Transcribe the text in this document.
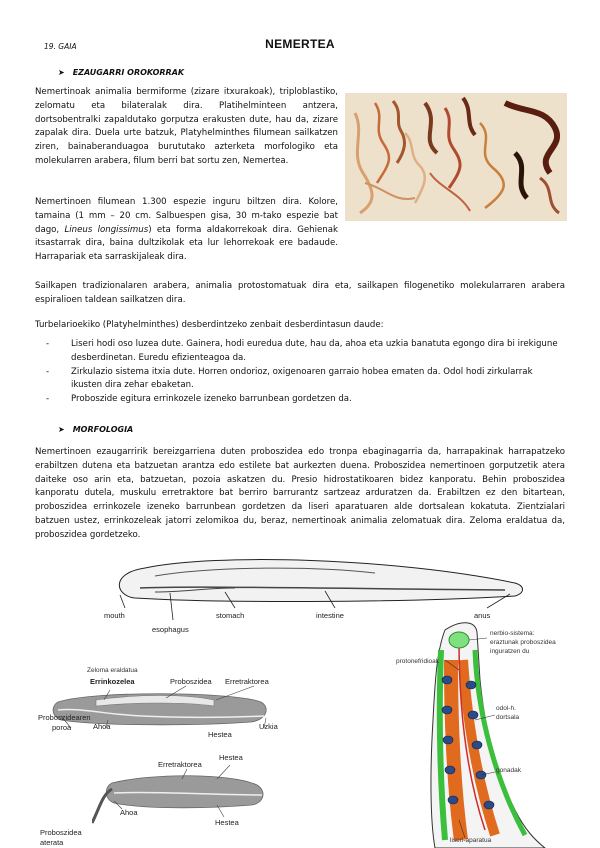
19. GAIA	NEMERTEA
➤ EZAUGARRI OROKORRAK
Nemertinoak animalia bermiforme (zizare itxurakoak), triploblastiko, zelomatu eta bilateralak dira. Platihelminteen antzera, dortsobentralki zapaldutako gorputza erakusten dute, hau da, zizare zapalak dira. Duela urte batzuk, Platyhelminthes filumean sailkatzen ziren, bainaberanduagoa burututako azterketa morfologiko eta molekularren arabera, filum berri bat sortu zen, Nemertea.
Nemertinoen filumean 1.300 espezie inguru biltzen dira. Kolore, tamaina (1 mm – 20 cm. Salbuespen gisa, 30 m-tako espezie bat dago, Lineus longissimus) eta forma aldakorrekoak dira. Gehienak itsastarrak dira, baina dultzikolak eta lur lehorrekoak ere badaude. Harrapariak eta sarraskijaleak dira.
Sailkapen tradizionalaren arabera, animalia protostomatuak dira eta, sailkapen filogenetiko molekularraren arabera espiralioen taldean sailkatzen dira.
Turbelarioekiko (Platyhelminthes) desberdintzeko zenbait desberdintasun daude:
- Liseri hodi oso luzea dute. Gainera, hodi euredua dute, hau da, ahoa eta uzkia banatuta egongo dira bi irekigune desberdinetan. Euredu efizienteagoa da.
- Zirkulazio sistema itxia dute. Horren ondorioz, oxigenoaren garraio hobea ematen da. Odol hodi zirkularrak ikusten dira zehar ebaketan.
- Proboszide egitura errinkozele izeneko barrunbean gordetzen da.
➤ MORFOLOGIA
Nemertinoen ezaugarririk bereizgarriena duten proboszidea edo tronpa ebaginagarria da, harrapakinak harrapatzeko erabiltzen dutena eta batzuetan arantza edo estilete bat aurkezten duena. Proboszidea nemertinoen gorputzetik atera daiteke oso arin eta, batzuetan, pozoia askatzen du. Presio hidrostatikoaren bidez kanporatu. Behin proboszidea kanporatu dutela, muskulu erretraktore bat berriro barrurantz sartzeaz arduratzen da. Erabiltzen ez den bitartean, proboszidea errinkozele izeneko barrunbean gordetzen da liseri aparatuaren alde dortsalean kokatuta. Zientzialari batzuen ustez, errinkozeleak jatorri zelomikoa du, beraz, nemertinoak animalia zelomatuak dira. Zeloma eraldatua da, proboszidea gordetzeko.
mouth
esophagus
stomach	intestine	anus
Zeloma eraldatua
Errinkozelea	Proboszidea Erretraktorea
Proboszidearen
poroa	Ahoa
Hestea
Uzkia
Erretraktorea
Hestea
Hestea
Ahoa
Proboszidea
aterata
nerbio-sistema:
eraztunak proboszidea
inguratzen du
protonefridioak
odol-h.
dortsala
gonadak
liseri-aparatua
